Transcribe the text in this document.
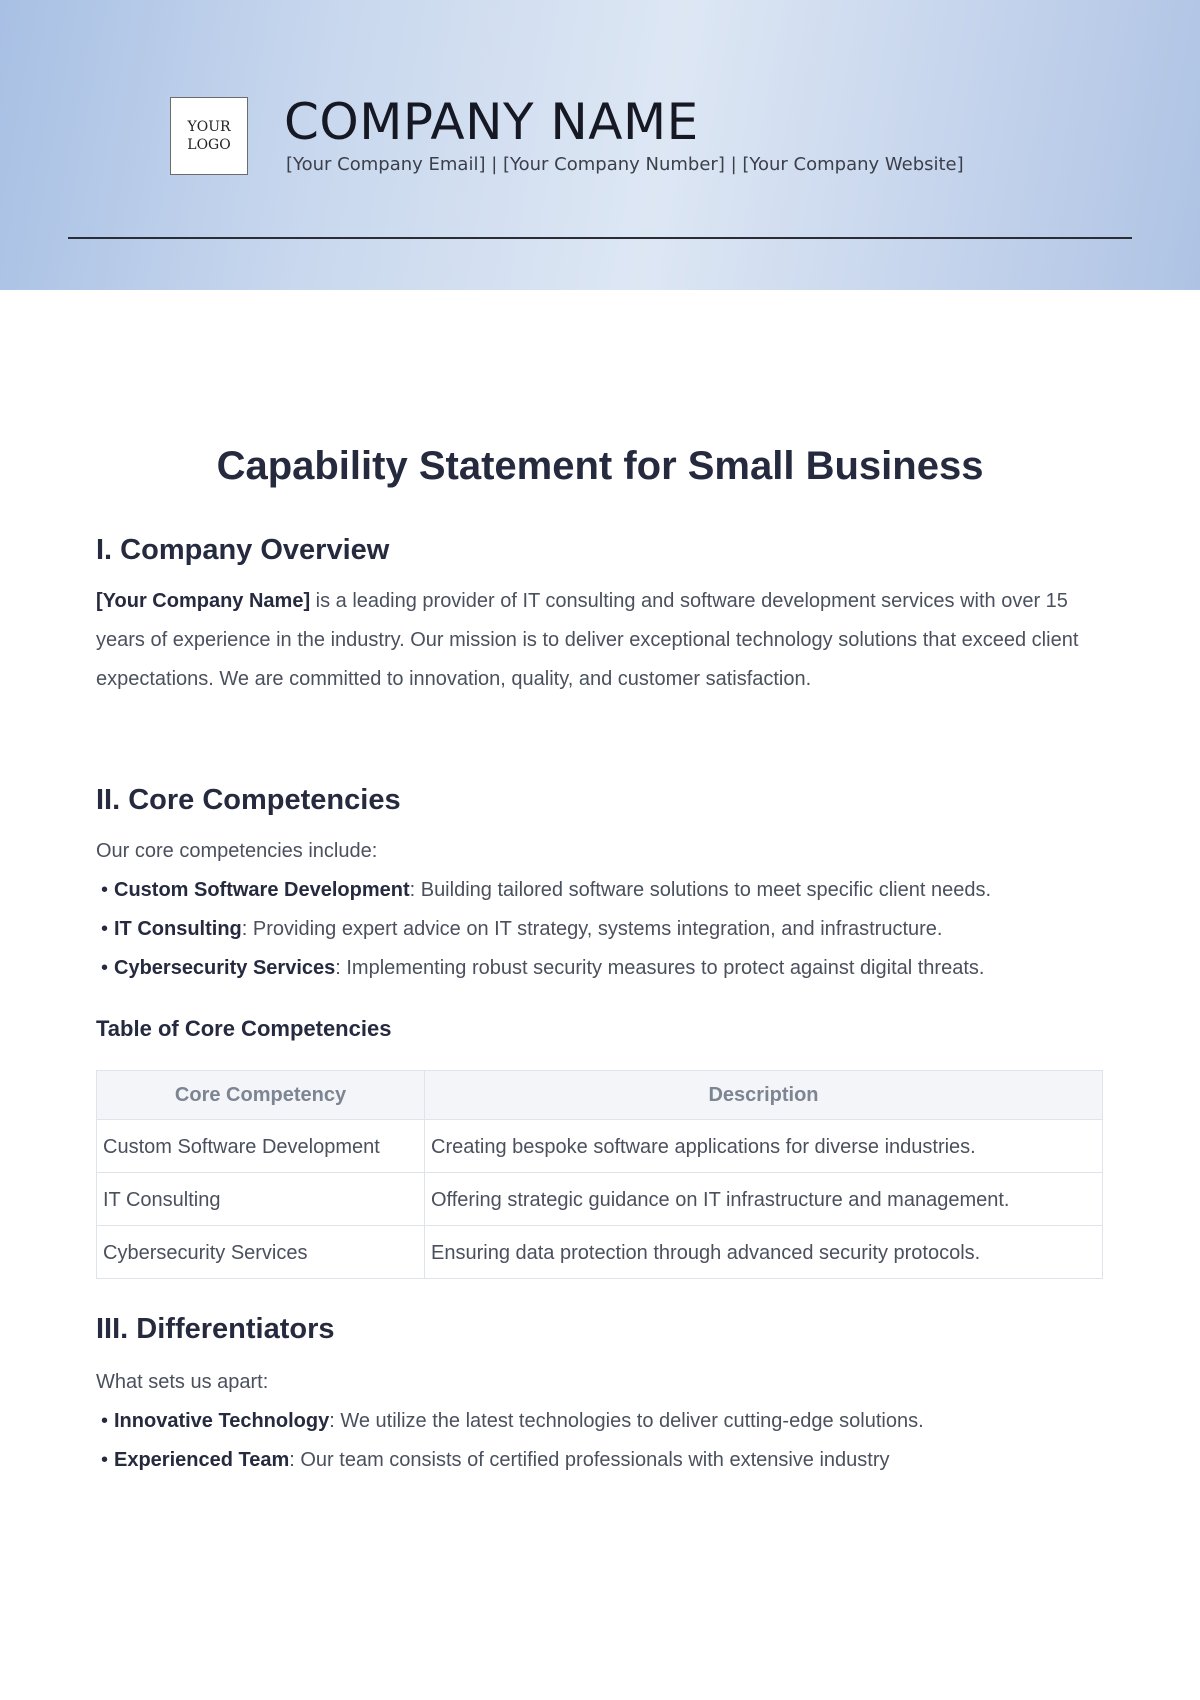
YOUR
LOGO COMPANY NAME
[Your Company Email] | [Your Company Number] | [Your Company Website]
Capability Statement for Small Business
I. Company Overview

[Your Company Name] is a leading provider of IT consulting and software development services with over 15 years of experience in the industry. Our mission is to deliver exceptional technology solutions that exceed client expectations. We are committed to innovation, quality, and customer satisfaction.

II. Core Competencies

Our core competencies include:

• Custom Software Development: Building tailored software solutions to meet specific client needs.
• IT Consulting: Providing expert advice on IT strategy, systems integration, and infrastructure.
• Cybersecurity Services: Implementing robust security measures to protect against digital threats.
Table of Core Competencies
Core Competency	Description
Custom Software Development	Creating bespoke software applications for diverse industries.
IT Consulting	Offering strategic guidance on IT infrastructure and management.
Cybersecurity Services	Ensuring data protection through advanced security protocols.
III. Differentiators

What sets us apart:

• Innovative Technology: We utilize the latest technologies to deliver cutting-edge solutions.
• Experienced Team: Our team consists of certified professionals with extensive industry
